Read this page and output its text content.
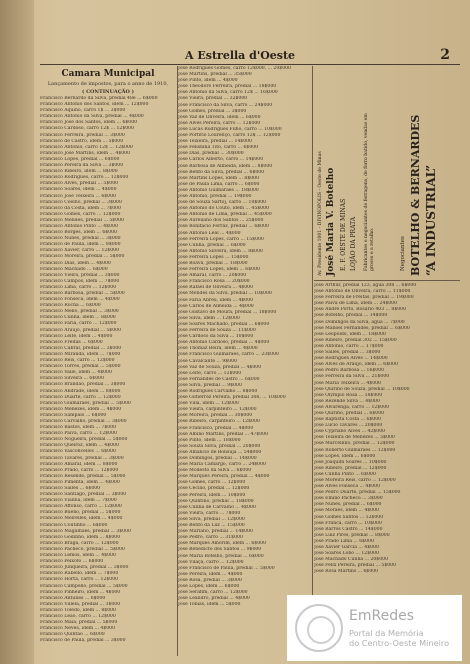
A Estrella d'Oeste	2
Camara Municipal
Lançamento de impostos, para o anno de 1910,
( CONTINUAÇÃO )
Francisco Bernardo da Silva, predial 48é ... 6$000
Francisco Antonio dos Santos, idem ... 12$000
Francisco Aquino, carro 1$ ... 3$000
Francisco Antonio da Silva, predial ... 4$000
Francisco Jose dos Santos, idem ... 6$000
Francisco Cardoso, carro 12$ ... 12$000
Francisco Ferreira, predial ... 3$000
Francisco de Castro, idem ... 5$000
Francisco Antonio, carro 12$ ... 12$000
Francisco Jose Martins, idem ... 4$000
Francisco Lopes, predial ... 6$000
Francisco Pereira da Silva ... 3$000
Francisco Ribeiro, idem ... 8$000
Francisco Rodrigues, carro ... 12$000
Francisco Alves, predial ... 5$000
Francisco Soares, idem ... 4$000
Francisco Jose Teixeira ... 6$000
Francisco Coelho, predial ... 3$000
Francisco da Costa, idem ... 7$000
Francisco Gomes, carro ... 12$000
Francisco Mendes, predial ... 5$000
Francisco Antonio Pinto ... 4$000
Francisco Borges, idem ... 6$000
Francisco Nunes, predial ... 3$000
Francisco de Paula, idem ... 8$000
Francisco Xavier, carro ... 12$000
Francisco Moreira, predial ... 5$000
Francisco Dias, idem ... 4$000
Francisco Machado ... 6$000
Francisco Vieira, predial ... 3$000
Francisco Campos, idem ... 7$000
Francisco Lima, carro ... 12$000
Francisco Barbosa, predial ... 5$000
Francisco Fonseca, idem ... 4$000
Francisco Rocha ... 6$000
Francisco Mello, predial ... 3$000
Francisco Cunha, idem ... 8$000
Francisco Faria, carro ... 12$000
Francisco Araujo, predial ... 5$000
Francisco Leite, idem ... 4$000
Francisco Freitas ... 6$000
Francisco Cabral, predial ... 3$000
Francisco Miranda, idem ... 7$000
Francisco Reis, carro ... 12$000
Francisco Torres, predial ... 5$000
Francisco Valle, idem ... 4$000
Francisco Silveira ... 6$000
Francisco Brandão, predial ... 3$000
Francisco Andrade, idem ... 8$000
Francisco Duarte, carro ... 12$000
Francisco Guimarães, predial ... 5$000
Francisco Menezes, idem ... 4$000
Francisco Sampaio ... 6$000
Francisco Carvalho, predial ... 3$000
Francisco Bastos, idem ... 7$000
Francisco Paiva, carro ... 12$000
Francisco Nogueira, predial ... 5$000
Francisco Queiroz, idem ... 4$000
Francisco Vasconcellos ... 6$000
Francisco Tavares, predial ... 3$000
Francisco Amaral, idem ... 8$000
Francisco Prado, carro ... 12$000
Francisco Resende, predial ... 5$000
Francisco Pimenta, idem ... 4$000
Francisco Salles ... 6$000
Francisco Santiago, predial ... 3$000
Francisco Vianna, idem ... 7$000
Francisco Affonso, carro ... 12$000
Francisco Bueno, predial ... 5$000
Francisco Meirelles, idem ... 4$000
Francisco Coutinho ... 6$000
Francisco Magalhães, predial ... 3$000
Francisco Godinho, idem ... 8$000
Francisco Braga, carro ... 12$000
Francisco Pacheco, predial ... 5$000
Francisco Lemos, idem ... 4$000
Francisco Peixoto ... 6$000
Francisco Junqueira, predial ... 3$000
Francisco Rabello, idem ... 7$000
Francisco Horta, carro ... 12$000
Francisco Campello, predial ... 5$000
Francisco Pinheiro, idem ... 4$000
Francisco Antunes ... 6$000
Francisco Villela, predial ... 3$000
Francisco Toledo, idem ... 8$000
Francisco Leão, carro ... 12$000
Francisco Maia, predial ... 5$000
Francisco Neves, idem ... 4$000
Francisco Quintão ... 6$000
Francisco de Paula, predial ... 3$000
José Rodrigues Gomes, carro 12$000, ... 20$000
José Martins, predial ... 35$000
José Pinto, idem ... 4$000
José Theodoro Ferreira, predial ... 18$000
José Antonio da Silva, carro 12$ ... 16$000
José Vieira, predial ... 32$000
José Francisco da Silva, carro ... 24$000
José Gomes, predial ... 3$000
José Vaz de Oliveira, idem ... 6$000
José Alves Pereira, carro ... 12$000
José Lucas Rodrigues Filho, carro ... 10$000
José Porfirio Lourenço, carro 12$ ... 12$000
José Teixeira, predial ... 14$000
José Felisbina Tito, carro ... 6$000
José Dias, predial ... 30$000
José Carlos Alberto, carro ... 14$000
José Barbosa de Almeida, idem ... 8$000
José Bento da Silva, predial ... 6$000
José Martins Lopes, idem ... 8$000
José de Paula Lima, carro ... 6$000
José Antonio Guimarães ... 18$000
José Antonio, predial ... 19$000
José de Souza Sartoj, carro ... 10$000
José Antonio do Couto, idem ... 45$000
José Antonio de Lima, predial ... 45$000
José Aureliano dos Santos ... 25$000
José Bonifacio Ferraz, predial ... 6$000
José Antonio Leal ... 4$000
José Ferreira Lopes, carro ... 15$000
José Cunha, predial ... 6$000
José Antonio Silveira, idem ... 8$000
José Ferreira Lopes ... 15$000
José Boava, predial ... 18$000
José Ferreira Lopes, idem ... 6$000
José Amaral, carro ... 20$000
José Francisco Rosa ... 20$000
José Rafael de Oliveira ... 4$000
José Mendes da Silva, predial ... 10$000
José Faria Abreu, idem ... 4$000
José Carlos de Almeida ... 4$000
José Gustavo de Moura, predial ... 18$000
José Silva, idem ... 12$000
José Soares Machado, predial ... 6$000
José Ferreira de Souza ... 11$000
José Cardoso da Silva ... 10$000
José Antonio Cardoso, predial ... 4$000
José Thomaz Beira, idem ... 4$000
José Francisco Guimarães, carro ... 23$000
José Cavalcante ... 9$000
José Vaz de Souza, predial ... 4$000
José Leite, carro ... 12$000
José Fernandes de Castro ... 6$000
José Silva, predial ... 9$000
José Rodrigues Carvalho ... 8$000
José Gutierrez Pereira, predial 308, ... 10$000
José Villa, idem ... 12$000
José Vieira, carpinteiro ... 12$000
José Moreira, predial ... 30$000
José Ribeiro, carpinteiro ... 12$000
José Francisco, predial ... 4$000
José Albino Martins, predial ... 47$000
José Pinto, idem ... 18$000
José Souza Silva, predial ... 20$000
José Amancio de Bonsuja ... 54$000
José Domingos, predial ... 14$000
José Maria Camargo, carro ... 24$000
José Modesto da Silva ... 6$000
José Marques Pereira, predial ... 4$000
José Gomes, carro ... 12$000
José Cecilio, predial ... 12$000
José Pereira, idem ... 10$000
José Quintino, predial ... 18$000
José Cunha de Carvalho ... 4$000
José Vieira, carro ... 7$000
José Silva, predial ... 12$000
José Bento da Luz ... 15$000
José Mariano, predial ... 14$000
José Pedro, carro ... 31$000
José Marques Amorim, idem ... 6$000
José Benedicto dos Santos ... 9$000
José Maria Botelho, predial ... 6$000
José Vilaça, carro ... 12$000
José Francisco de Paula, predial ... 5$000
José Pereira, idem ... 4$000
José Rosa, predial ... 3$000
José Lopes, idem ... 6$000
José Serafim, carro ... 12$000
José Leandro, predial ... 4$000
José Tobias, idem ... 5$000
Av. Presidente 1001 - DIVINOPOLIS - Oeste de Minas José Maria V. Botelho E. F. OESTE DE MINAS LOJÃO DA PRATA Fabricantes e negociantes de ferragens, de ferro batido, vendas em grosso e a retalho.	Negociantes BOTELHO & BERNARDES “A INDUSTRIAL”
José Arthur, predial 123, agua 308 ... 6$000
José Antonio de Oliveira, carro ... 11$000
José Ferreira de Freitas, predial ... 19$000
José Paiva de Lima, idem ... 24$000
José André Porto, Rosario 403 ... 8$000
José Botelho, predial ... 14$000
José Domingos da Silva, agua ... 7$000
José Manoel Fernandes, predial ... 6$000
José Leopoldo, idem ... 18$000
José Ribeiro, predial 302 ... 15$000
José Antonio, carro ... 17$000
José Salles, predial ... 3$000
José Rodrigues Alves ... 14$000
José Alves de Araujo, idem ... 6$000
José Pedro Barbosa ... 16$000
José Ferreira da Silva ... 21$000
José Maria Teixeira ... 4$000
José Quirino de Souza, predial ... 10$000
José Olympio Rosa ... 18$000
José Rezende Silva ... 4$000
José Alvarenga, carro ... 12$000
José Quirino, predial ... 6$000
José Baptista Costa ... 6$000
José Lucio Tavares ... 20$000
José Cypriano Alves ... 42$000
José Teixeira de Menezes ... 5$000
José Marcellino, predial ... 12$000
José Roberto Guimarães ... 12$000
José Lopes, idem ... 6$000
José Joaquim Soares ... 10$000
José Ribeiro, predial ... 12$000
José Cunha Pinto ... 6$000
José Moreira Reis, carro ... 12$000
José Alves Fonseca ... 4$000
José Pedro Duarte, predial ... 15$000
José Emilio Pacheco ... 3$000
José Nunes, predial ... 6$000
José Moraes, idem ... 4$000
José Gomes Santos ... 12$000
José Franca, carro ... 10$000
José Barros Castro ... 14$000
José Luiz Pires, predial ... 8$000
José Prado Lima ... 6$000
José Xavier Garcia ... 4$000
José Soares Lobo ... 12$000
José Machado Cunha ... 20$000
José Felix Pereira, predial ... 5$000
José Rosa Martins ... 6$000
EmRedes
Portal da Memória
do Centro-Oeste Mineiro
